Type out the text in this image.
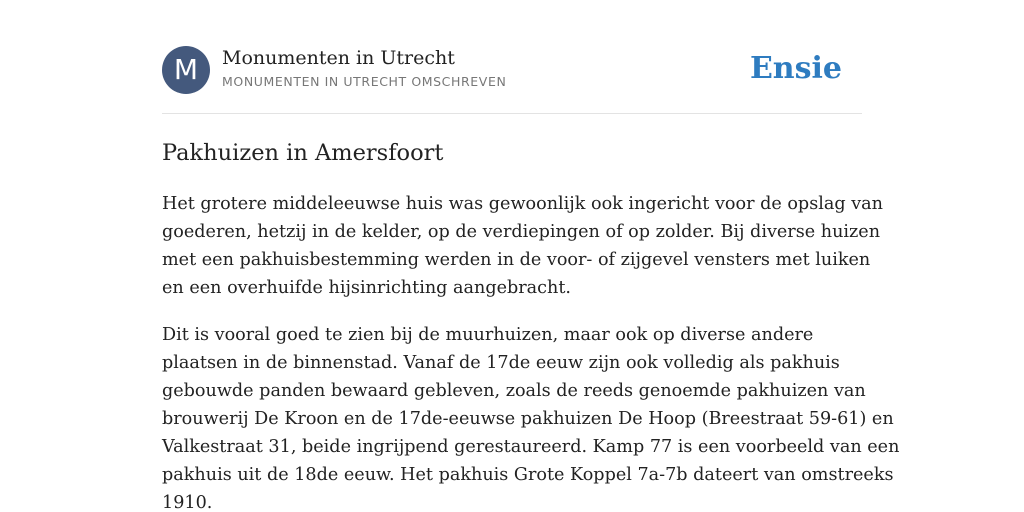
M	Monumenten in Utrecht
MONUMENTEN IN UTRECHT OMSCHREVEN	Ensie
Pakhuizen in Amersfoort

Het grotere middeleeuwse huis was gewoonlijk ook ingericht voor de opslag van
goederen, hetzij in de kelder, op de verdiepingen of op zolder. Bij diverse huizen
met een pakhuisbestemming werden in de voor- of zijgevel vensters met luiken
en een overhuifde hijsinrichting aangebracht.

Dit is vooral goed te zien bij de muurhuizen, maar ook op diverse andere
plaatsen in de binnenstad. Vanaf de 17de eeuw zijn ook volledig als pakhuis
gebouwde panden bewaard gebleven, zoals de reeds genoemde pakhuizen van
brouwerij De Kroon en de 17de-eeuwse pakhuizen De Hoop (Breestraat 59-61) en
Valkestraat 31, beide ingrijpend gerestaureerd. Kamp 77 is een voorbeeld van een
pakhuis uit de 18de eeuw. Het pakhuis Grote Koppel 7a-7b dateert van omstreeks
1910.
